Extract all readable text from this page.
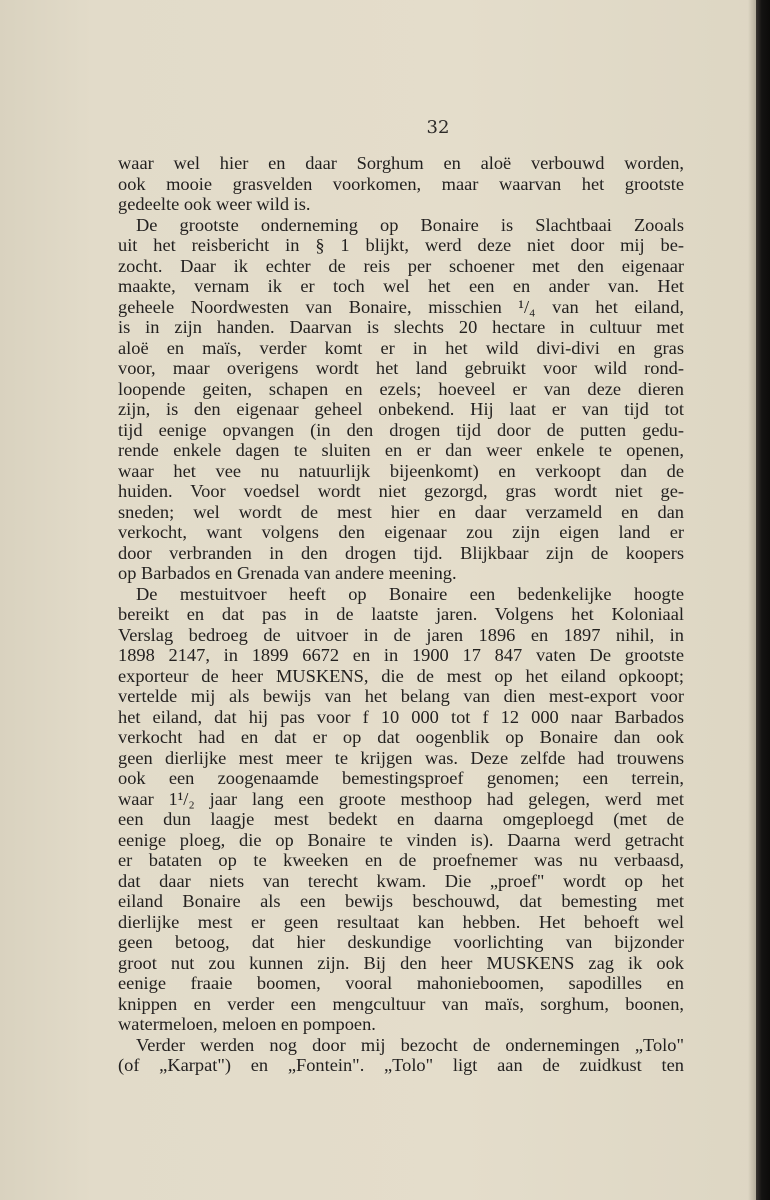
32
waar wel hier en daar Sorghum en aloë verbouwd worden,
ook mooie grasvelden voorkomen, maar waarvan het grootste
gedeelte ook weer wild is.
De grootste onderneming op Bonaire is Slachtbaai Zooals
uit het reisbericht in § 1 blijkt, werd deze niet door mij be-
zocht. Daar ik echter de reis per schoener met den eigenaar
maakte, vernam ik er toch wel het een en ander van. Het
geheele Noordwesten van Bonaire, misschien ¹/₄ van het eiland,
is in zijn handen. Daarvan is slechts 20 hectare in cultuur met
aloë en maïs, verder komt er in het wild divi-divi en gras
voor, maar overigens wordt het land gebruikt voor wild rond-
loopende geiten, schapen en ezels; hoeveel er van deze dieren
zijn, is den eigenaar geheel onbekend. Hij laat er van tijd tot
tijd eenige opvangen (in den drogen tijd door de putten gedu-
rende enkele dagen te sluiten en er dan weer enkele te openen,
waar het vee nu natuurlijk bijeenkomt) en verkoopt dan de
huiden. Voor voedsel wordt niet gezorgd, gras wordt niet ge-
sneden; wel wordt de mest hier en daar verzameld en dan
verkocht, want volgens den eigenaar zou zijn eigen land er
door verbranden in den drogen tijd. Blijkbaar zijn de koopers
op Barbados en Grenada van andere meening.
De mestuitvoer heeft op Bonaire een bedenkelijke hoogte
bereikt en dat pas in de laatste jaren. Volgens het Koloniaal
Verslag bedroeg de uitvoer in de jaren 1896 en 1897 nihil, in
1898 2147, in 1899 6672 en in 1900 17 847 vaten De grootste
exporteur de heer MUSKENS, die de mest op het eiland opkoopt;
vertelde mij als bewijs van het belang van dien mest-export voor
het eiland, dat hij pas voor f 10 000 tot f 12 000 naar Barbados
verkocht had en dat er op dat oogenblik op Bonaire dan ook
geen dierlijke mest meer te krijgen was. Deze zelfde had trouwens
ook een zoogenaamde bemestingsproef genomen; een terrein,
waar 1¹/₂ jaar lang een groote mesthoop had gelegen, werd met
een dun laagje mest bedekt en daarna omgeploegd (met de
eenige ploeg, die op Bonaire te vinden is). Daarna werd getracht
er bataten op te kweeken en de proefnemer was nu verbaasd,
dat daar niets van terecht kwam. Die „proef" wordt op het
eiland Bonaire als een bewijs beschouwd, dat bemesting met
dierlijke mest er geen resultaat kan hebben. Het behoeft wel
geen betoog, dat hier deskundige voorlichting van bijzonder
groot nut zou kunnen zijn. Bij den heer MUSKENS zag ik ook
eenige fraaie boomen, vooral mahonieboomen, sapodilles en
knippen en verder een mengcultuur van maïs, sorghum, boonen,
watermeloen, meloen en pompoen.
Verder werden nog door mij bezocht de ondernemingen „Tolo"
(of „Karpat") en „Fontein". „Tolo" ligt aan de zuidkust ten
